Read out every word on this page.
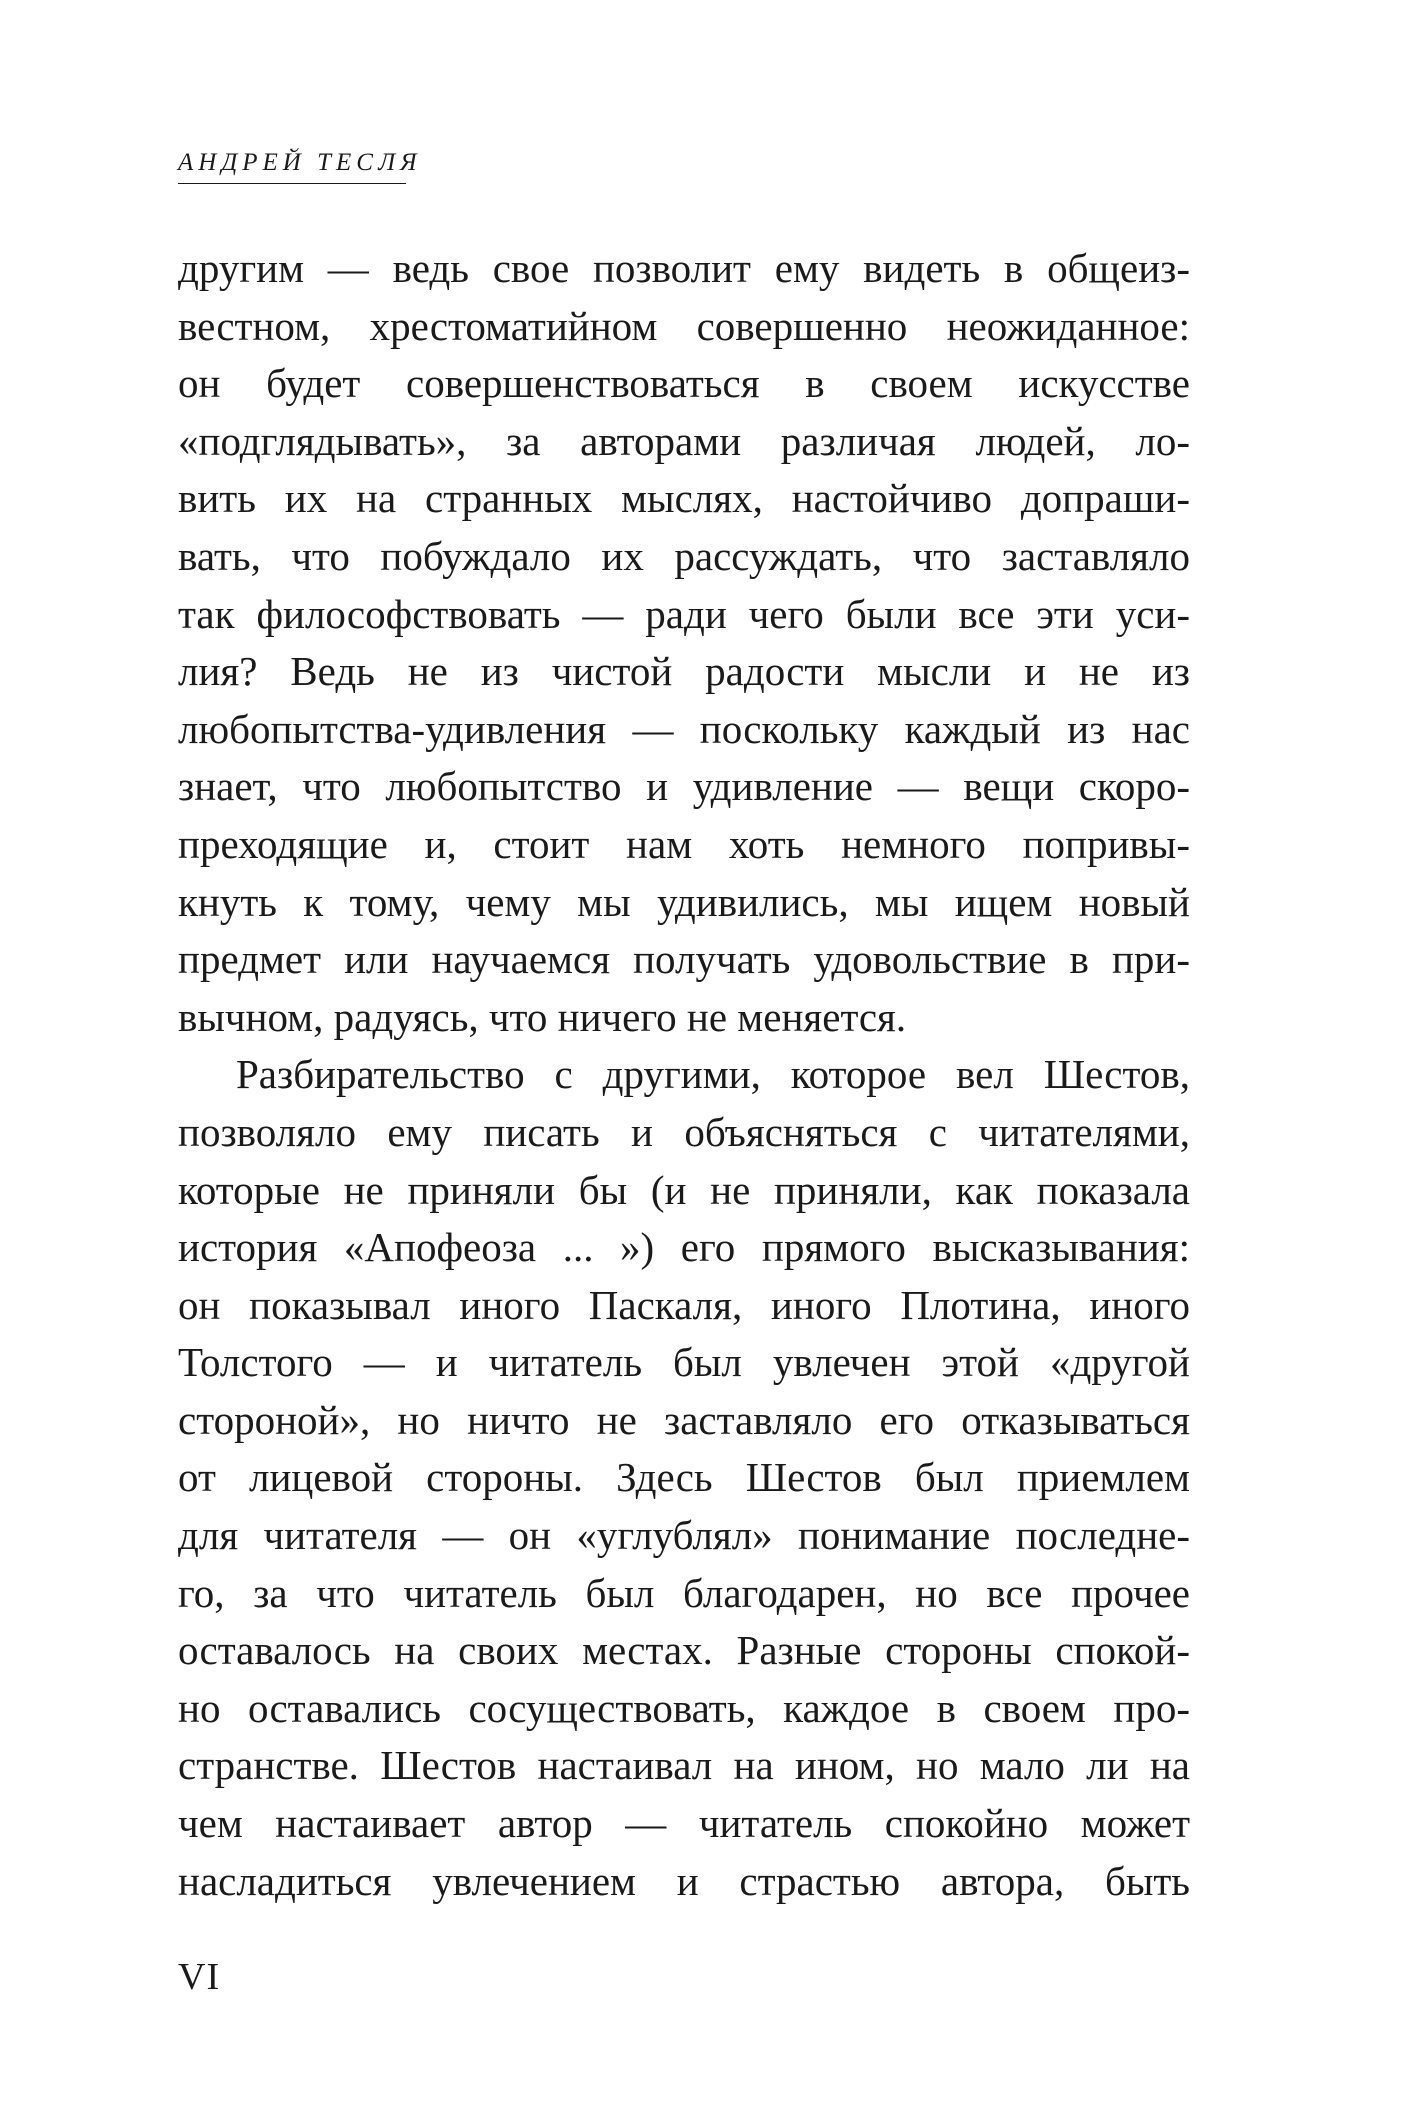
АНДРЕЙ ТЕСЛЯ
другим — ведь свое позволит ему видеть в общеиз-
вестном, хрестоматийном совершенно неожиданное:
он будет совершенствоваться в своем искусстве
«подглядывать», за авторами различая людей, ло-
вить их на странных мыслях, настойчиво допраши-
вать, что побуждало их рассуждать, что заставляло
так философствовать — ради чего были все эти уси-
лия? Ведь не из чистой радости мысли и не из
любопытства-удивления — поскольку каждый из нас
знает, что любопытство и удивление — вещи скоро-
преходящие и, стоит нам хоть немного попривы-
кнуть к тому, чему мы удивились, мы ищем новый
предмет или научаемся получать удовольствие в при-
вычном, радуясь, что ничего не меняется.
Разбирательство с другими, которое вел Шестов,
позволяло ему писать и объясняться с читателями,
которые не приняли бы (и не приняли, как показала
история «Апофеоза ... ») его прямого высказывания:
он показывал иного Паскаля, иного Плотина, иного
Толстого — и читатель был увлечен этой «другой
стороной», но ничто не заставляло его отказываться
от лицевой стороны. Здесь Шестов был приемлем
для читателя — он «углублял» понимание последне-
го, за что читатель был благодарен, но все прочее
оставалось на своих местах. Разные стороны спокой-
но оставались сосуществовать, каждое в своем про-
странстве. Шестов настаивал на ином, но мало ли на
чем настаивает автор — читатель спокойно может
насладиться увлечением и страстью автора, быть
VI
